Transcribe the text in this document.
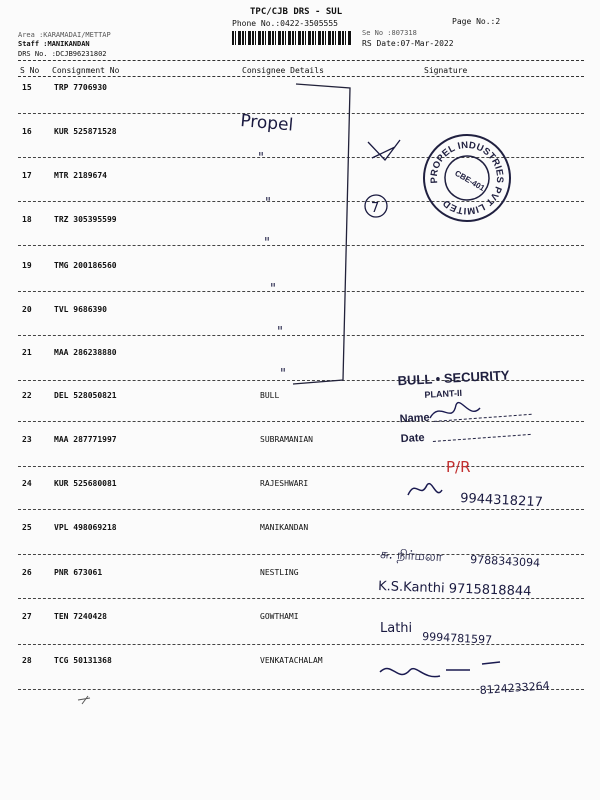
TPC/CJB DRS - SUL
Phone No.:0422-3505555	Page No.:2
Area :KARAMADAI/METTAP
Staff :MANIKANDAN
DRS No. :DCJB96231802
Se No :807318
RS Date:07-Mar-2022
S No Consignment No	Consignee Details	Signature
15	TRP 7706930
16	KUR 525871528
17	MTR 2189674
18	TRZ 305395599
19	TMG 200186560
20	TVL 9686390
21	MAA 286238880
22	DEL 528050821	BULL
23	MAA 287771997	SUBRAMANIAN
24	KUR 525680081	RAJESHWARI
25	VPL 498069218	MANIKANDAN
26	PNR 673061	NESTLING
27	TEN 7240428	GOWTHAMI
28	TCG 50131368	VENKATACHALAM
Propel
"
"
"
"
"
"
7
PROPEL INDUSTRIES PVT LIMITED
CBE-401
BULL • SECURITY
PLANT-II
Name
Date
P/R
9944318217
சு. நிர்மலா 9788343094
K.S.Kanthi 9715818844
Lathi
9994781597
8124233264
